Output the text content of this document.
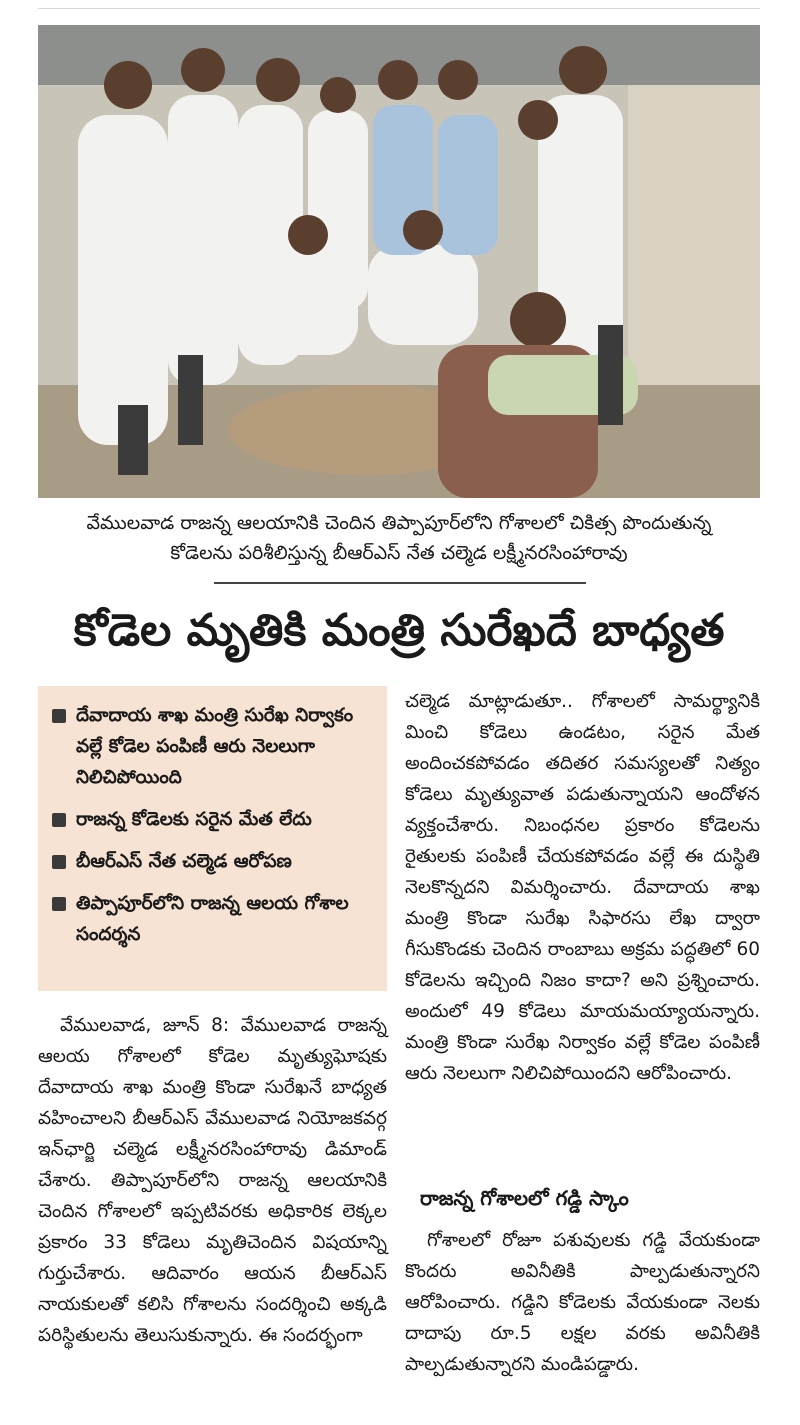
వేములవాడ రాజన్న ఆలయానికి చెందిన తిప్పాపూర్‌లోని గోశాలలో చికిత్స పొందుతున్న

కోడెలను పరిశీలిస్తున్న బీఆర్‌ఎస్ నేత చల్మెడ లక్ష్మీనరసింహారావు

కోడెల మృతికి మంత్రి సురేఖదే బాధ్యత
దేవాదాయ శాఖ మంత్రి సురేఖ నిర్వాకం వల్లే కోడెల పంపిణీ ఆరు నెలలుగా నిలిచిపోయింది
రాజన్న కోడెలకు సరైన మేత లేదు
బీఆర్‌ఎస్ నేత చల్మెడ ఆరోపణ
తిప్పాపూర్‌లోని రాజన్న ఆలయ గోశాల సందర్శన

వేములవాడ, జూన్ 8: వేములవాడ రాజన్న ఆలయ గోశాలలో కోడెల మృత్యుఘోషకు దేవాదాయ శాఖ మంత్రి కొండా సురేఖనే బాధ్యత వహించాలని బీఆర్‌ఎస్ వేములవాడ నియోజకవర్గ ఇన్‌ఛార్జి చల్మెడ లక్ష్మీనరసింహారావు డిమాండ్ చేశారు. తిప్పాపూర్‌లోని రాజన్న ఆలయానికి చెందిన గోశాలలో ఇప్పటివరకు అధికారిక లెక్కల ప్రకారం 33 కోడెలు మృతిచెందిన విషయాన్ని గుర్తుచేశారు. ఆదివారం ఆయన బీఆర్‌ఎస్ నాయకులతో కలిసి గోశాలను సందర్శించి అక్కడి పరిస్థితులను తెలుసుకున్నారు. ఈ సందర్భంగా

చల్మెడ మాట్లాడుతూ.. గోశాలలో సామర్థ్యానికి మించి కోడెలు ఉండటం, సరైన మేత అందించకపోవడం తదితర సమస్యలతో నిత్యం కోడెలు మృత్యువాత పడుతున్నాయని ఆందోళన వ్యక్తంచేశారు. నిబంధనల ప్రకారం కోడెలను రైతులకు పంపిణీ చేయకపోవడం వల్లే ఈ దుస్థితి నెలకొన్నదని విమర్శించారు. దేవాదాయ శాఖ మంత్రి కొండా సురేఖ సిఫారసు లేఖ ద్వారా గీసుకొండకు చెందిన రాంబాబు అక్రమ పద్ధతిలో 60 కోడెలను ఇచ్చింది నిజం కాదా? అని ప్రశ్నించారు. అందులో 49 కోడెలు మాయమయ్యాయన్నారు. మంత్రి కొండా సురేఖ నిర్వాకం వల్లే కోడెల పంపిణీ ఆరు నెలలుగా నిలిచిపోయిందని ఆరోపించారు.

రాజన్న గోశాలలో గడ్డి స్కాం

గోశాలలో రోజూ పశువులకు గడ్డి వేయకుండా కొందరు అవినీతికి పాల్పడుతున్నారని ఆరోపించారు. గడ్డిని కోడెలకు వేయకుండా నెలకు దాదాపు రూ.5 లక్షల వరకు అవినీతికి పాల్పడుతున్నారని మండిపడ్డారు.
